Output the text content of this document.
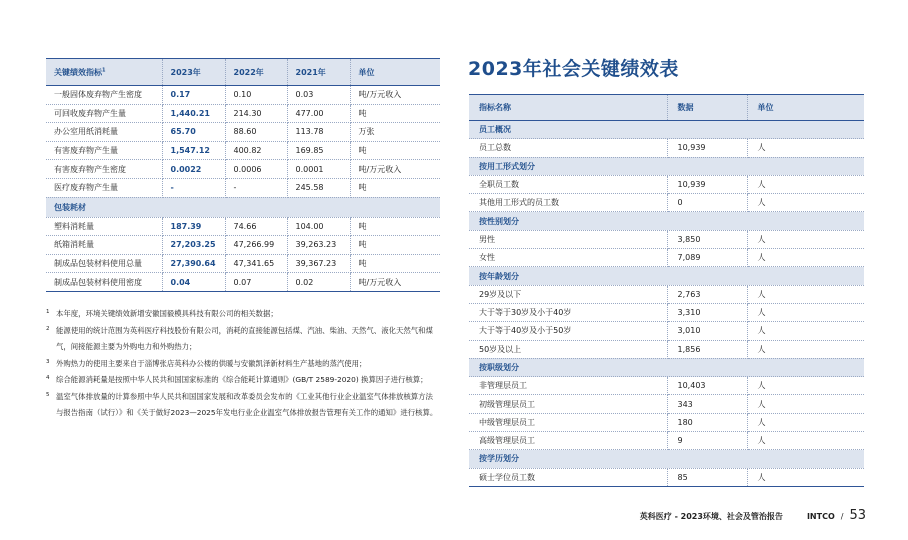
关键绩效指标$^1$	2023年	2022年	2021年	单位
一般固体废弃物产生密度	0.17	0.10	0.03	吨/万元收入
可回收废弃物产生量	1,440.21	214.30	477.00	吨
办公室用纸消耗量	65.70	88.60	113.78	万张
有害废弃物产生量	1,547.12	400.82	169.85	吨
有害废弃物产生密度	0.0022	0.0006	0.0001	吨/万元收入
医疗废弃物产生量	-	-	245.58	吨
包装耗材				
塑料消耗量	187.39	74.66	104.00	吨
纸箱消耗量	27,203.25	47,266.99	39,263.23	吨
制成品包装材料使用总量	27,390.64	47,341.65	39,367.23	吨
制成品包装材料使用密度	0.04	0.07	0.02	吨/万元收入
1 本年度，环境关键绩效新增安徽国毅模具科技有限公司的相关数据；
2 能源使用的统计范围为英科医疗科技股份有限公司，消耗的直接能源包括煤、汽油、柴油、天然气、液化天然气和煤气，间接能源主要为外购电力和外购热力；
3 外购热力的使用主要来自于淄博张店英科办公楼的供暖与安徽凯泽新材料生产基地的蒸汽使用；
4 综合能源消耗量是按照中华人民共和国国家标准的《综合能耗计算通则》(GB/T 2589-2020) 换算因子进行核算；
5 温室气体排放量的计算参照中华人民共和国国家发展和改革委员会发布的《工业其他行业企业温室气体排放核算方法与报告指南（试行）》和《关于做好2023—2025年发电行业企业温室气体排放报告管理有关工作的通知》进行核算。
2023年社会关键绩效表
指标名称	数据	单位
员工概况		
员工总数	10,939	人
按用工形式划分		
全职员工数	10,939	人
其他用工形式的员工数	0	人
按性别划分		
男性	3,850	人
女性	7,089	人
按年龄划分		
29岁及以下	2,763	人
大于等于30岁及小于40岁	3,310	人
大于等于40岁及小于50岁	3,010	人
50岁及以上	1,856	人
按职级划分		
非管理层员工	10,403	人
初级管理层员工	343	人
中级管理层员工	180	人
高级管理层员工	9	人
按学历划分		
硕士学位员工数	85	人
英科医疗 - 2023环境、社会及管治报告	INTCO / 53
